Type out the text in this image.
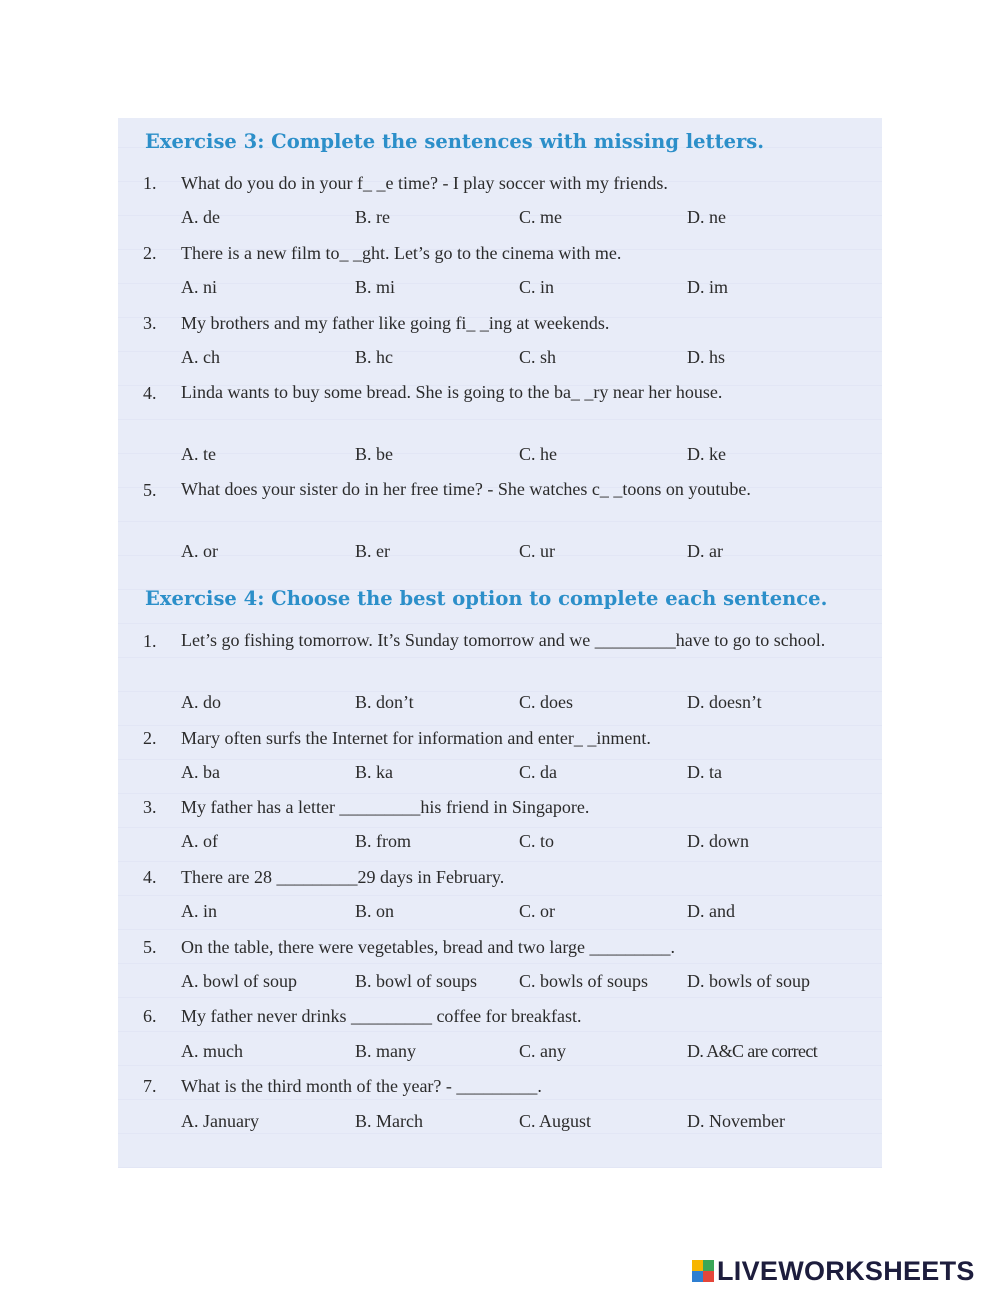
Exercise 3: Complete the sentences with missing letters.
1.	What do you do in your f_ _e time? - I play soccer with my friends.
A. de	B. re	C. me	D. ne
2.	There is a new film to_ _ght. Let’s go to the cinema with me.
A. ni	B. mi	C. in	D. im
3.	My brothers and my father like going fi_ _ing at weekends.
A. ch	B. hc	C. sh	D. hs
4.	Linda wants to buy some bread. She is going to the ba_ _ry near her house.
A. te	B. be	C. he	D. ke
5.	What does your sister do in her free time? - She watches c_ _toons on youtube.
A. or	B. er	C. ur	D. ar
Exercise 4: Choose the best option to complete each sentence.
1.	Let’s go fishing tomorrow. It’s Sunday tomorrow and we _________have to go to school.
A. do	B. don’t	C. does	D. doesn’t
2.	Mary often surfs the Internet for information and enter_ _inment.
A. ba	B. ka	C. da	D. ta
3.	My father has a letter _________his friend in Singapore.
A. of	B. from	C. to	D. down
4.	There are 28 _________29 days in February.
A. in	B. on	C. or	D. and
5.	On the table, there were vegetables, bread and two large _________.
A. bowl of soup	B. bowl of soups C. bowls of soups D. bowls of soup
6.	My father never drinks _________ coffee for breakfast.
A. much	B. many	C. any	D. A&C are correct
7.	What is the third month of the year? - _________.
A. January	B. March	C. August	D. November
LIVEWORKSHEETS
